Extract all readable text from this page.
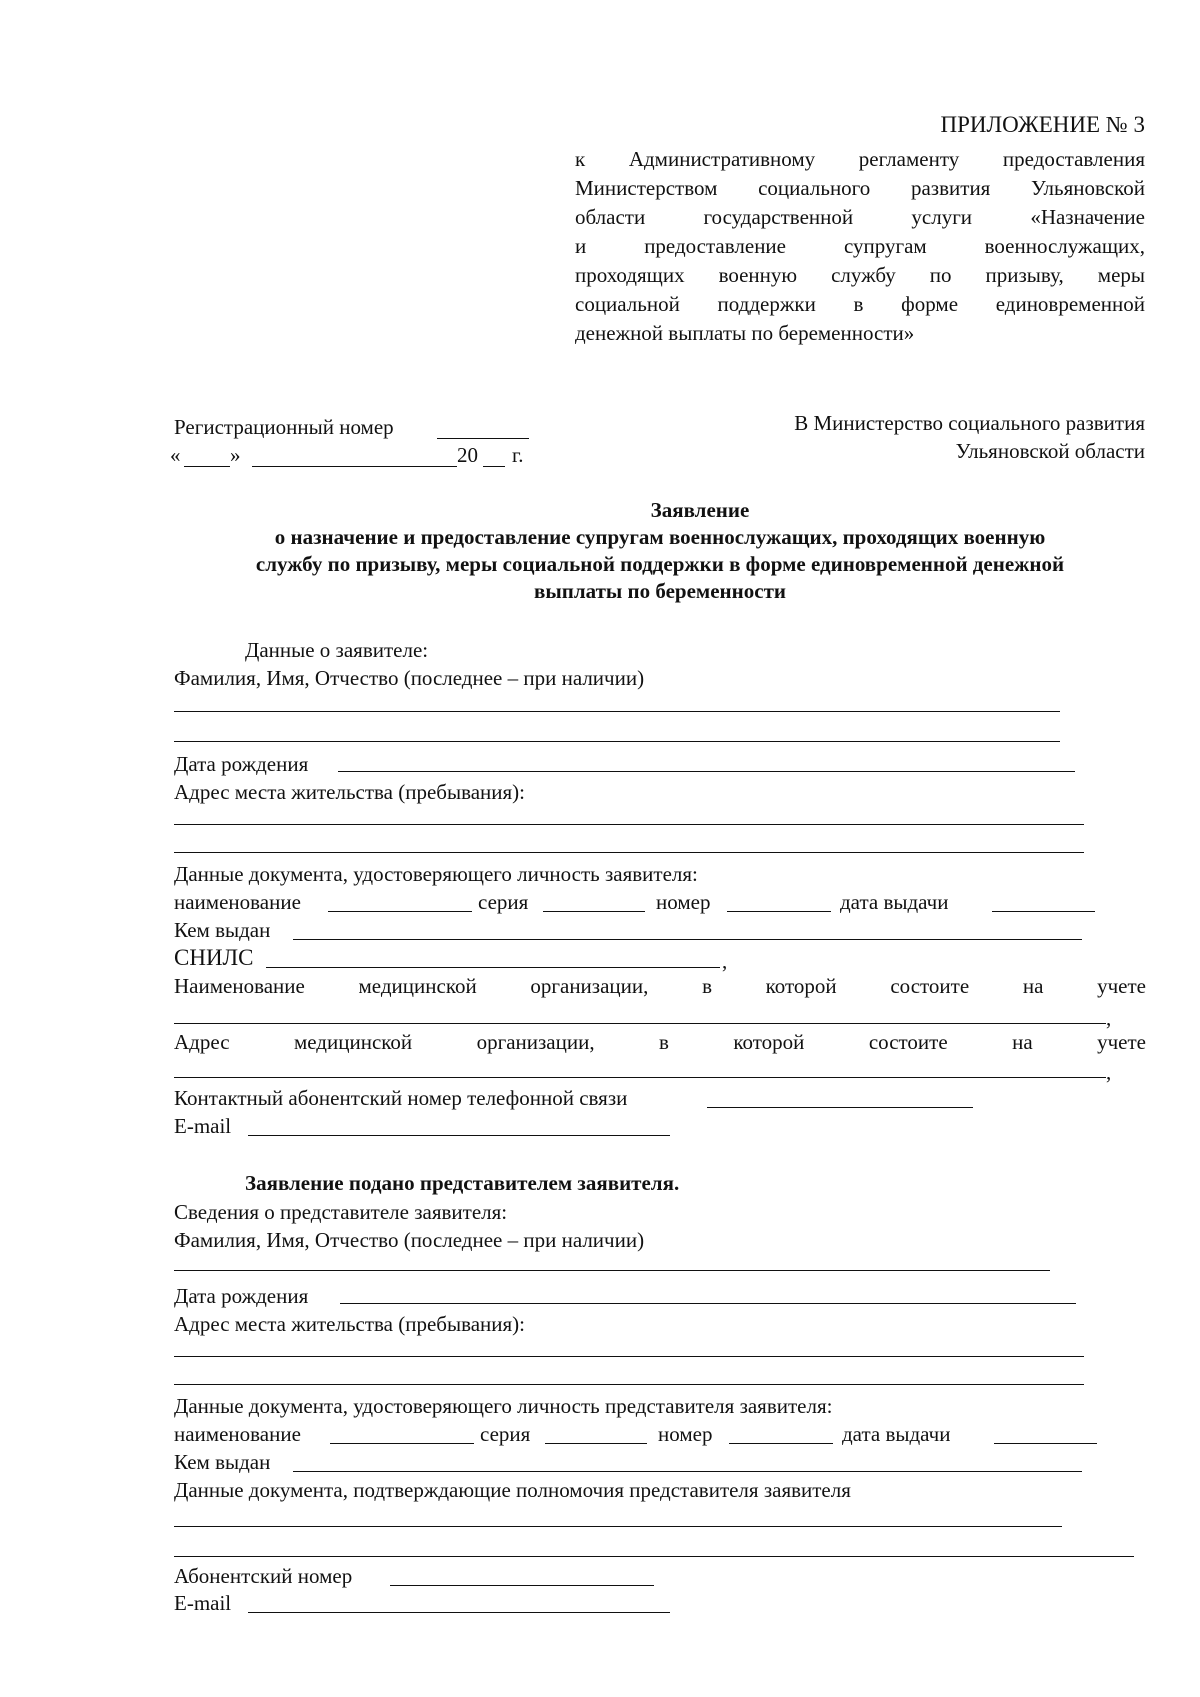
ПРИЛОЖЕНИЕ № 3
к Административному регламенту предоставления
Министерством социального развития Ульяновской
области государственной услуги «Назначение
и предоставление супругам военнослужащих,
проходящих военную службу по призыву, меры
социальной поддержки в форме единовременной
денежной выплаты по беременности»
Регистрационный номер
« »	20 г.
В Министерство социального развития
Ульяновской области
Заявление
о назначение и предоставление супругам военнослужащих, проходящих военную
службу по призыву, меры социальной поддержки в форме единовременной денежной
выплаты по беременности
Данные о заявителе:
Фамилия, Имя, Отчество (последнее – при наличии)
Дата рождения
Адрес места жительства (пребывания):
Данные документа, удостоверяющего личность заявителя:
наименование	серия	номер	дата выдачи
Кем выдан
СНИЛС	,
Наименование медицинской организации, в которой состоите на учете
,
Адрес медицинской организации, в которой состоите на учете
,
Контактный абонентский номер телефонной связи
E-mail
Заявление подано представителем заявителя.
Сведения о представителе заявителя:
Фамилия, Имя, Отчество (последнее – при наличии)
Дата рождения
Адрес места жительства (пребывания):
Данные документа, удостоверяющего личность представителя заявителя:
наименование	серия	номер	дата выдачи
Кем выдан
Данные документа, подтверждающие полномочия представителя заявителя
Абонентский номер
E-mail
